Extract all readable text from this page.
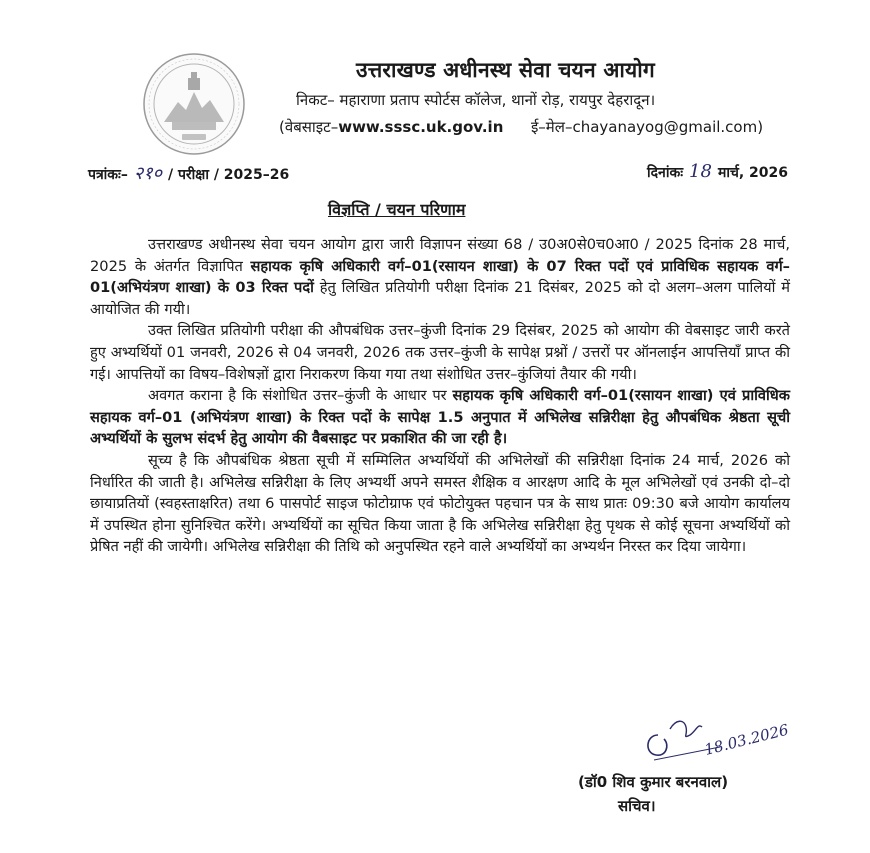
उत्तराखण्ड अधीनस्थ सेवा चयन आयोग
निकट– महाराणा प्रताप स्पोर्टस कॉलेज, थानों रोड़, रायपुर देहरादून।
(वेबसाइट–www.sssc.uk.gov.in ई–मेल–chayanayog@gmail.com)
पत्रांकः– २१० / परीक्षा / 2025–26	दिनांकः 18 मार्च, 2026
विज्ञप्ति / चयन परिणाम

उत्तराखण्ड अधीनस्थ सेवा चयन आयोग द्वारा जारी विज्ञापन संख्या 68 / उ0अ0से0च0आ0 / 2025 दिनांक 28 मार्च, 2025 के अंतर्गत विज्ञापित सहायक कृषि अधिकारी वर्ग–01(रसायन शाखा) के 07 रिक्त पदों एवं प्राविधिक सहायक वर्ग–01(अभियंत्रण शाखा) के 03 रिक्त पदों हेतु लिखित प्रतियोगी परीक्षा दिनांक 21 दिसंबर, 2025 को दो अलग–अलग पालियों में आयोजित की गयी।

उक्त लिखित प्रतियोगी परीक्षा की औपबंधिक उत्तर–कुंजी दिनांक 29 दिसंबर, 2025 को आयोग की वेबसाइट जारी करते हुए अभ्यर्थियों 01 जनवरी, 2026 से 04 जनवरी, 2026 तक उत्तर–कुंजी के सापेक्ष प्रश्नों / उत्तरों पर ऑनलाईन आपत्तियाँ प्राप्त की गई। आपत्तियों का विषय–विशेषज्ञों द्वारा निराकरण किया गया तथा संशोधित उत्तर–कुंजियां तैयार की गयी।

अवगत कराना है कि संशोधित उत्तर–कुंजी के आधार पर सहायक कृषि अधिकारी वर्ग–01(रसायन शाखा) एवं प्राविधिक सहायक वर्ग–01 (अभियंत्रण शाखा) के रिक्त पदों के सापेक्ष 1.5 अनुपात में अभिलेख सन्निरीक्षा हेतु औपबंधिक श्रेष्ठता सूची अभ्यर्थियों के सुलभ संदर्भ हेतु आयोग की वैबसाइट पर प्रकाशित की जा रही है।

सूच्य है कि औपबंधिक श्रेष्ठता सूची में सम्मिलित अभ्यर्थियों की अभिलेखों की सन्निरीक्षा दिनांक 24 मार्च, 2026 को निर्धारित की जाती है। अभिलेख सन्निरीक्षा के लिए अभ्यर्थी अपने समस्त शैक्षिक व आरक्षण आदि के मूल अभिलेखों एवं उनकी दो–दो छायाप्रतियों (स्वहस्ताक्षरित) तथा 6 पासपोर्ट साइज फोटोग्राफ एवं फोटोयुक्त पहचान पत्र के साथ प्रातः 09:30 बजे आयोग कार्यालय में उपस्थित होना सुनिश्चित करेंगे। अभ्यर्थियों का सूचित किया जाता है कि अभिलेख सन्निरीक्षा हेतु पृथक से कोई सूचना अभ्यर्थियों को प्रेषित नहीं की जायेगी। अभिलेख सन्निरीक्षा की तिथि को अनुपस्थित रहने वाले अभ्यर्थियों का अभ्यर्थन निरस्त कर दिया जायेगा।

18.03.2026
(डॉ0 शिव कुमार बरनवाल)
सचिव।
